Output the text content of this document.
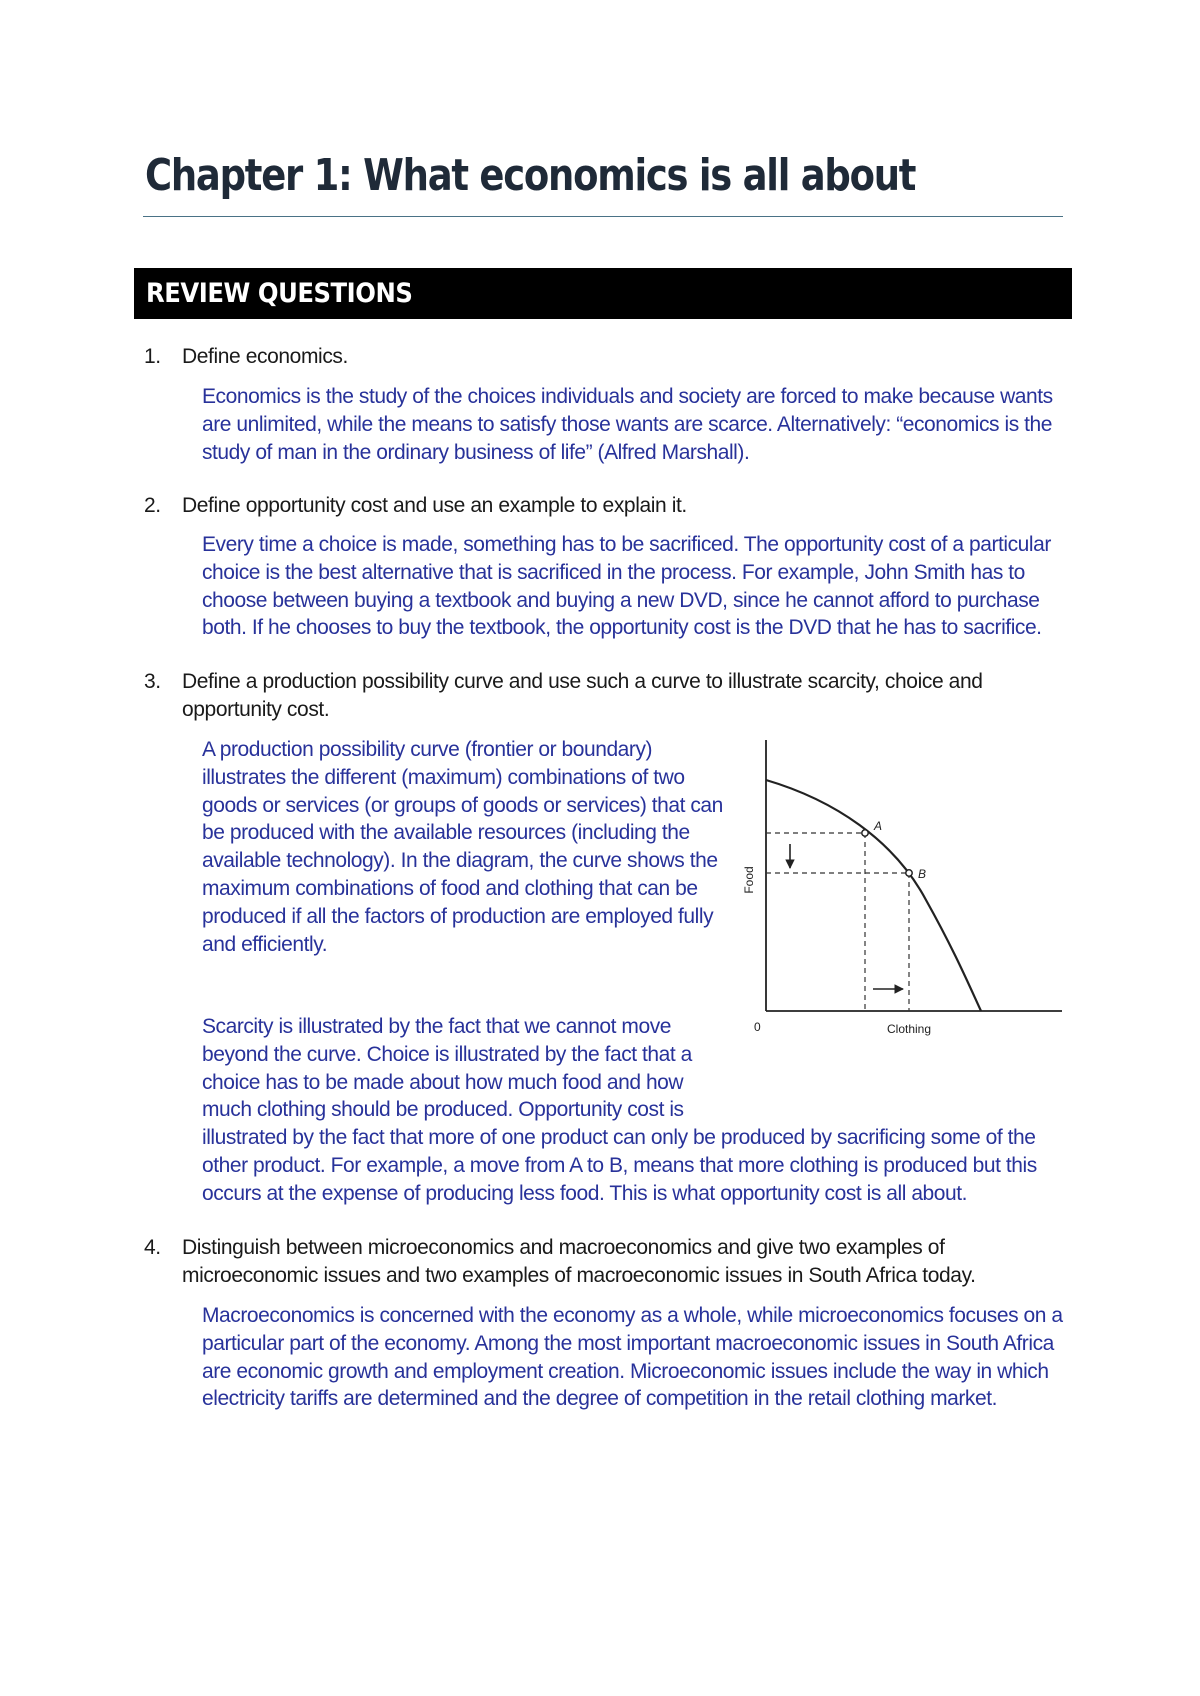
Chapter 1: What economics is all about
REVIEW QUESTIONS
1. Define economics.

Economics is the study of the choices individuals and society are forced to make because wants are unlimited, while the means to satisfy those wants are scarce. Alternatively: “economics is the study of man in the ordinary business of life” (Alfred Marshall).

2. Define opportunity cost and use an example to explain it.

Every time a choice is made, something has to be sacrificed. The opportunity cost of a particular choice is the best alternative that is sacrificed in the process. For example, John Smith has to choose between buying a textbook and buying a new DVD, since he cannot afford to purchase both. If he chooses to buy the textbook, the opportunity cost is the DVD that he has to sacrifice.

3. Define a production possibility curve and use such a curve to illustrate scarcity, choice and opportunity cost.

A production possibility curve (frontier or boundary) illustrates the different (maximum) combinations of two goods or services (or groups of goods or services) that can be produced with the available resources (including the available technology). In the diagram, the curve shows the maximum combinations of food and clothing that can be produced if all the factors of production are employed fully and efficiently.

Scarcity is illustrated by the fact that we cannot move
beyond the curve. Choice is illustrated by the fact that a
choice has to be made about how much food and how
much clothing should be produced. Opportunity cost is
illustrated by the fact that more of one product can only be produced by sacrificing some of the
other product. For example, a move from A to B, means that more clothing is produced but this
occurs at the expense of producing less food. This is what opportunity cost is all about.
A
B
Food
Clothing
0
4. Distinguish between microeconomics and macroeconomics and give two examples of microeconomic issues and two examples of macroeconomic issues in South Africa today.

Macroeconomics is concerned with the economy as a whole, while microeconomics focuses on a particular part of the economy. Among the most important macroeconomic issues in South Africa are economic growth and employment creation. Microeconomic issues include the way in which electricity tariffs are determined and the degree of competition in the retail clothing market.
